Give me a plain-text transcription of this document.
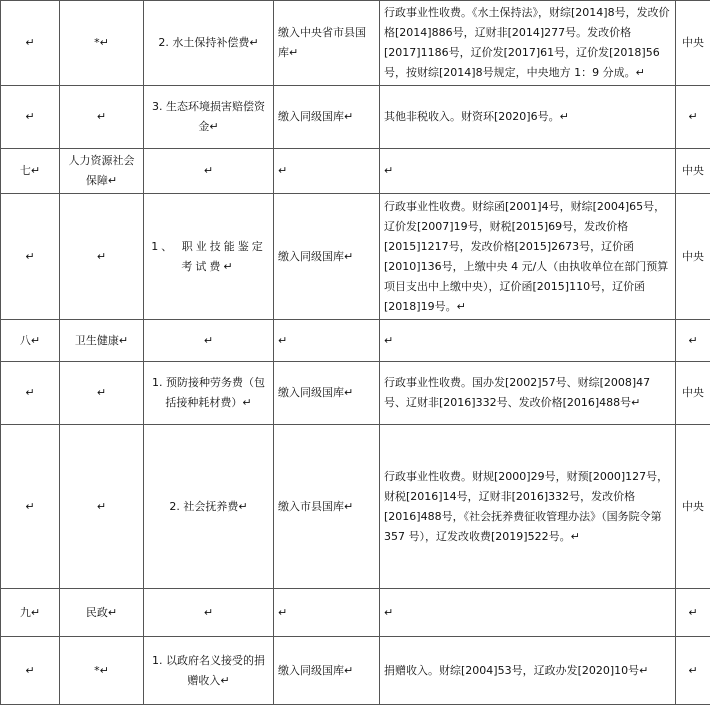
↵	*↵	2. 水土保持补偿费↵	缴入中央省市县国库↵	行政事业性收费。《水土保持法》，财综[2014]8号，发改价格[2014]886号，辽财非[2014]277号。发改价格[2017]1186号，辽价发[2017]61号，辽价发[2018]56号，按财综[2014]8号规定，中央地方 1：9 分成。↵	中央
↵	↵	3. 生态环境损害赔偿资金↵	缴入同级国库↵	其他非税收入。财资环[2020]6号。↵	↵
七↵	人力资源社会保障↵	↵	↵	↵	中央
↵	↵	1、 职业技能鉴定考试费↵	缴入同级国库↵	行政事业性收费。财综函[2001]4号，财综[2004]65号，辽价发[2007]19号，财税[2015]69号，发改价格[2015]1217号，发改价格[2015]2673号，辽价函[2010]136号，上缴中央 4 元/人（由执收单位在部门预算项目支出中上缴中央），辽价函[2015]110号，辽价函[2018]19号。↵	中央
八↵	卫生健康↵	↵	↵	↵	↵
↵	↵	1. 预防接种劳务费（包括接种耗材费）↵	缴入同级国库↵	行政事业性收费。国办发[2002]57号、财综[2008]47号、辽财非[2016]332号、发改价格[2016]488号↵	中央
↵	↵	2. 社会抚养费↵	缴入市县国库↵	行政事业性收费。财规[2000]29号，财预[2000]127号，财税[2016]14号，辽财非[2016]332号，发改价格[2016]488号，《社会抚养费征收管理办法》（国务院令第 357 号），辽发改收费[2019]522号。↵	中央
九↵	民政↵	↵	↵	↵	↵
↵	*↵	1. 以政府名义接受的捐赠收入↵	缴入同级国库↵	捐赠收入。财综[2004]53号，辽政办发[2020]10号↵	↵
